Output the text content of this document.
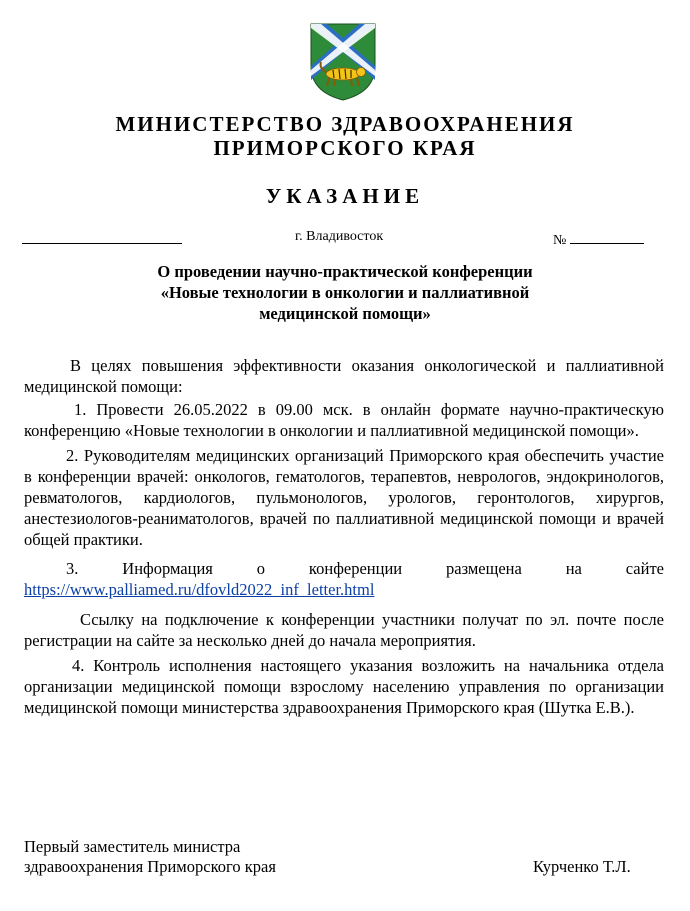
МИНИСТЕРСТВО ЗДРАВООХРАНЕНИЯ
ПРИМОРСКОГО КРАЯ
УКАЗАНИЕ
г. Владивосток	№
О проведении научно-практической конференции
«Новые технологии в онкологии и паллиативной
медицинской помощи»

В целях повышения эффективности оказания онкологической и паллиативной медицинской помощи:

1. Провести 26.05.2022 в 09.00 мск. в онлайн формате научно-практическую конференцию «Новые технологии в онкологии и паллиативной медицинской помощи».

2. Руководителям медицинских организаций Приморского края обеспечить участие в конференции врачей: онкологов, гематологов, терапевтов, неврологов, эндокринологов, ревматологов, кардиологов, пульмонологов, урологов, геронтологов, хирургов, анестезиологов-реаниматологов, врачей по паллиативной медицинской помощи и врачей общей практики.

3. Информация о конференции размещена на сайте

https://www.palliamed.ru/dfovld2022_inf_letter.html

Ссылку на подключение к конференции участники получат по эл. почте после регистрации на сайте за несколько дней до начала мероприятия.

4. Контроль исполнения настоящего указания возложить на начальника отдела организации медицинской помощи взрослому населению управления по организации медицинской помощи министерства здравоохранения Приморского края (Шутка Е.В.).

Первый заместитель министра
здравоохранения Приморского края	Курченко Т.Л.
